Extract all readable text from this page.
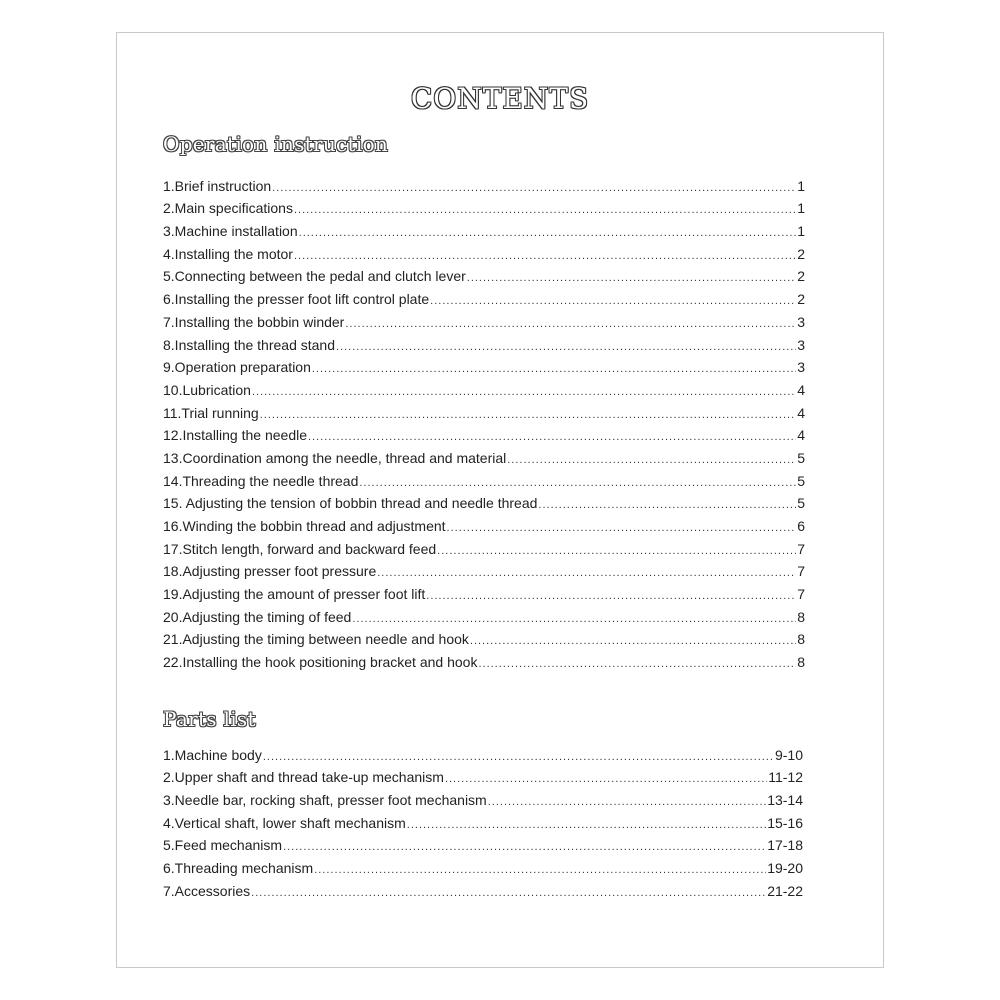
CONTENTS
Operation instruction
1.Brief instruction .....	1
2.Main specifications .....	1
3.Machine installation .....	1
4.Installing the motor .....	2
5.Connecting between the pedal and clutch lever .....	2
6.Installing the presser foot lift control plate .....	2
7.Installing the bobbin winder .....	3
8.Installing the thread stand .....	3
9.Operation preparation .....	3
10.Lubrication .....	4
11.Trial running .....	4
12.Installing the needle .....	4
13.Coordination among the needle, thread and material .....	5
14.Threading the needle thread .....	5
15. Adjusting the tension of bobbin thread and needle thread .....	5
16.Winding the bobbin thread and adjustment .....	6
17.Stitch length, forward and backward feed .....	7
18.Adjusting presser foot pressure .....	7
19.Adjusting the amount of presser foot lift .....	7
20.Adjusting the timing of feed .....	8
21.Adjusting the timing between needle and hook .....	8
22.Installing the hook positioning bracket and hook .....	8
Parts list
1.Machine body .....	9-10
2.Upper shaft and thread take-up mechanism .....	11-12
3.Needle bar, rocking shaft, presser foot mechanism .....	13-14
4.Vertical shaft, lower shaft mechanism .....	15-16
5.Feed mechanism .....	17-18
6.Threading mechanism .....	19-20
7.Accessories .....	21-22
